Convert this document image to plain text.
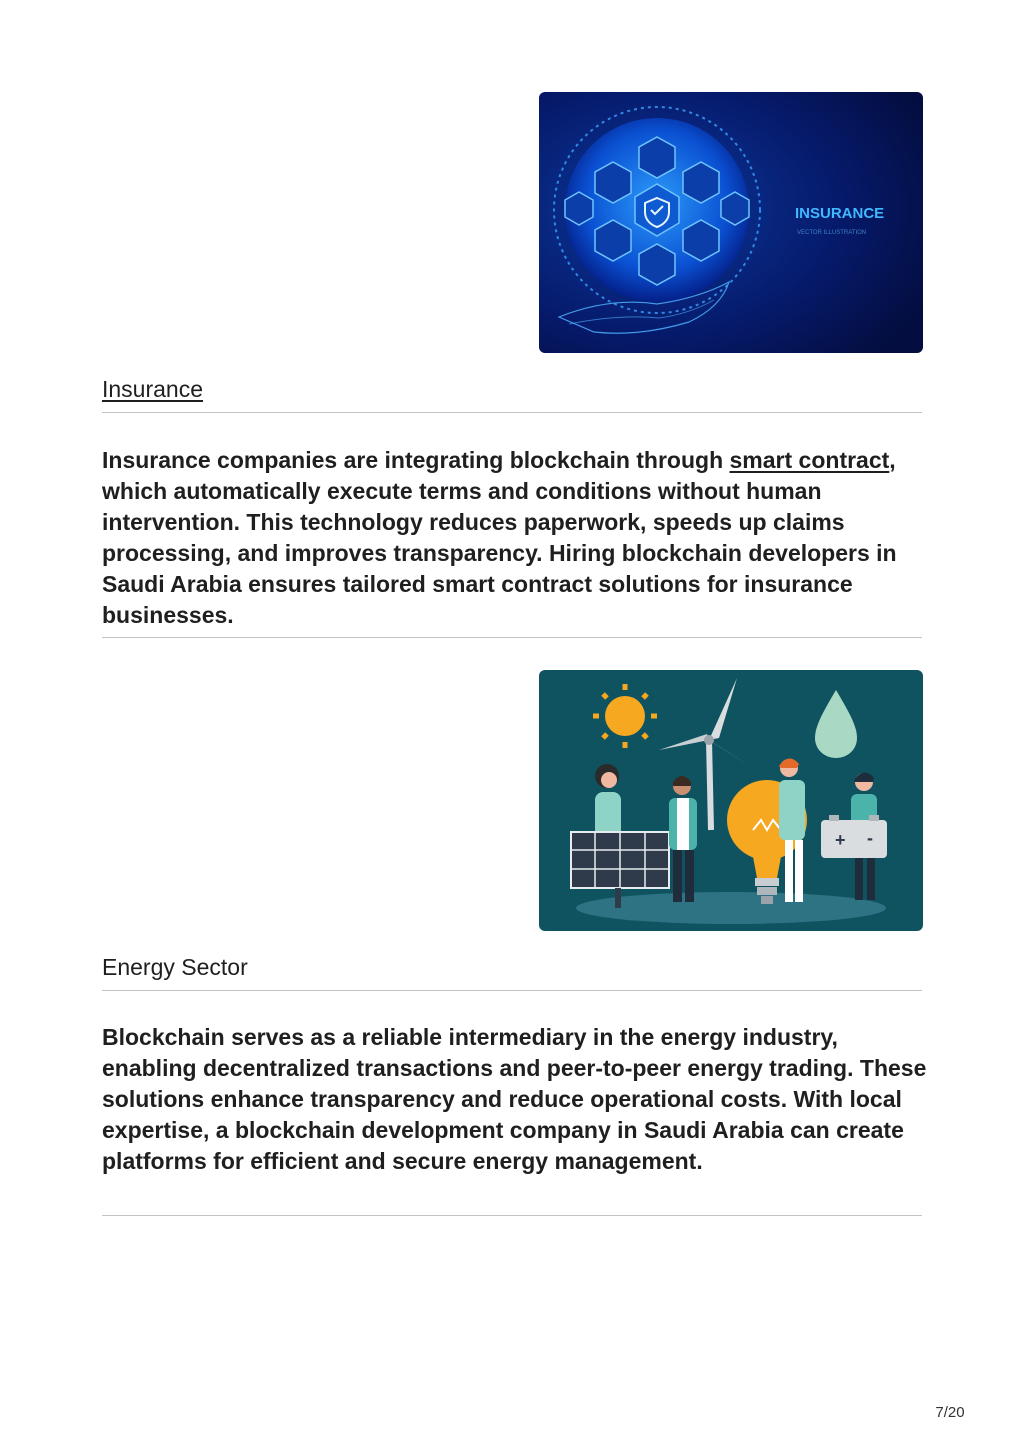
INSURANCE
VECTOR ILLUSTRATION
Insurance

Insurance companies are integrating blockchain through smart contract, which automatically execute terms and conditions without human intervention. This technology reduces paperwork, speeds up claims processing, and improves transparency. Hiring blockchain developers in Saudi Arabia ensures tailored smart contract solutions for insurance businesses.

+ -
Energy Sector

Blockchain serves as a reliable intermediary in the energy industry, enabling decentralized transactions and peer-to-peer energy trading. These solutions enhance transparency and reduce operational costs. With local expertise, a blockchain development company in Saudi Arabia can create platforms for efficient and secure energy management.

7/20
